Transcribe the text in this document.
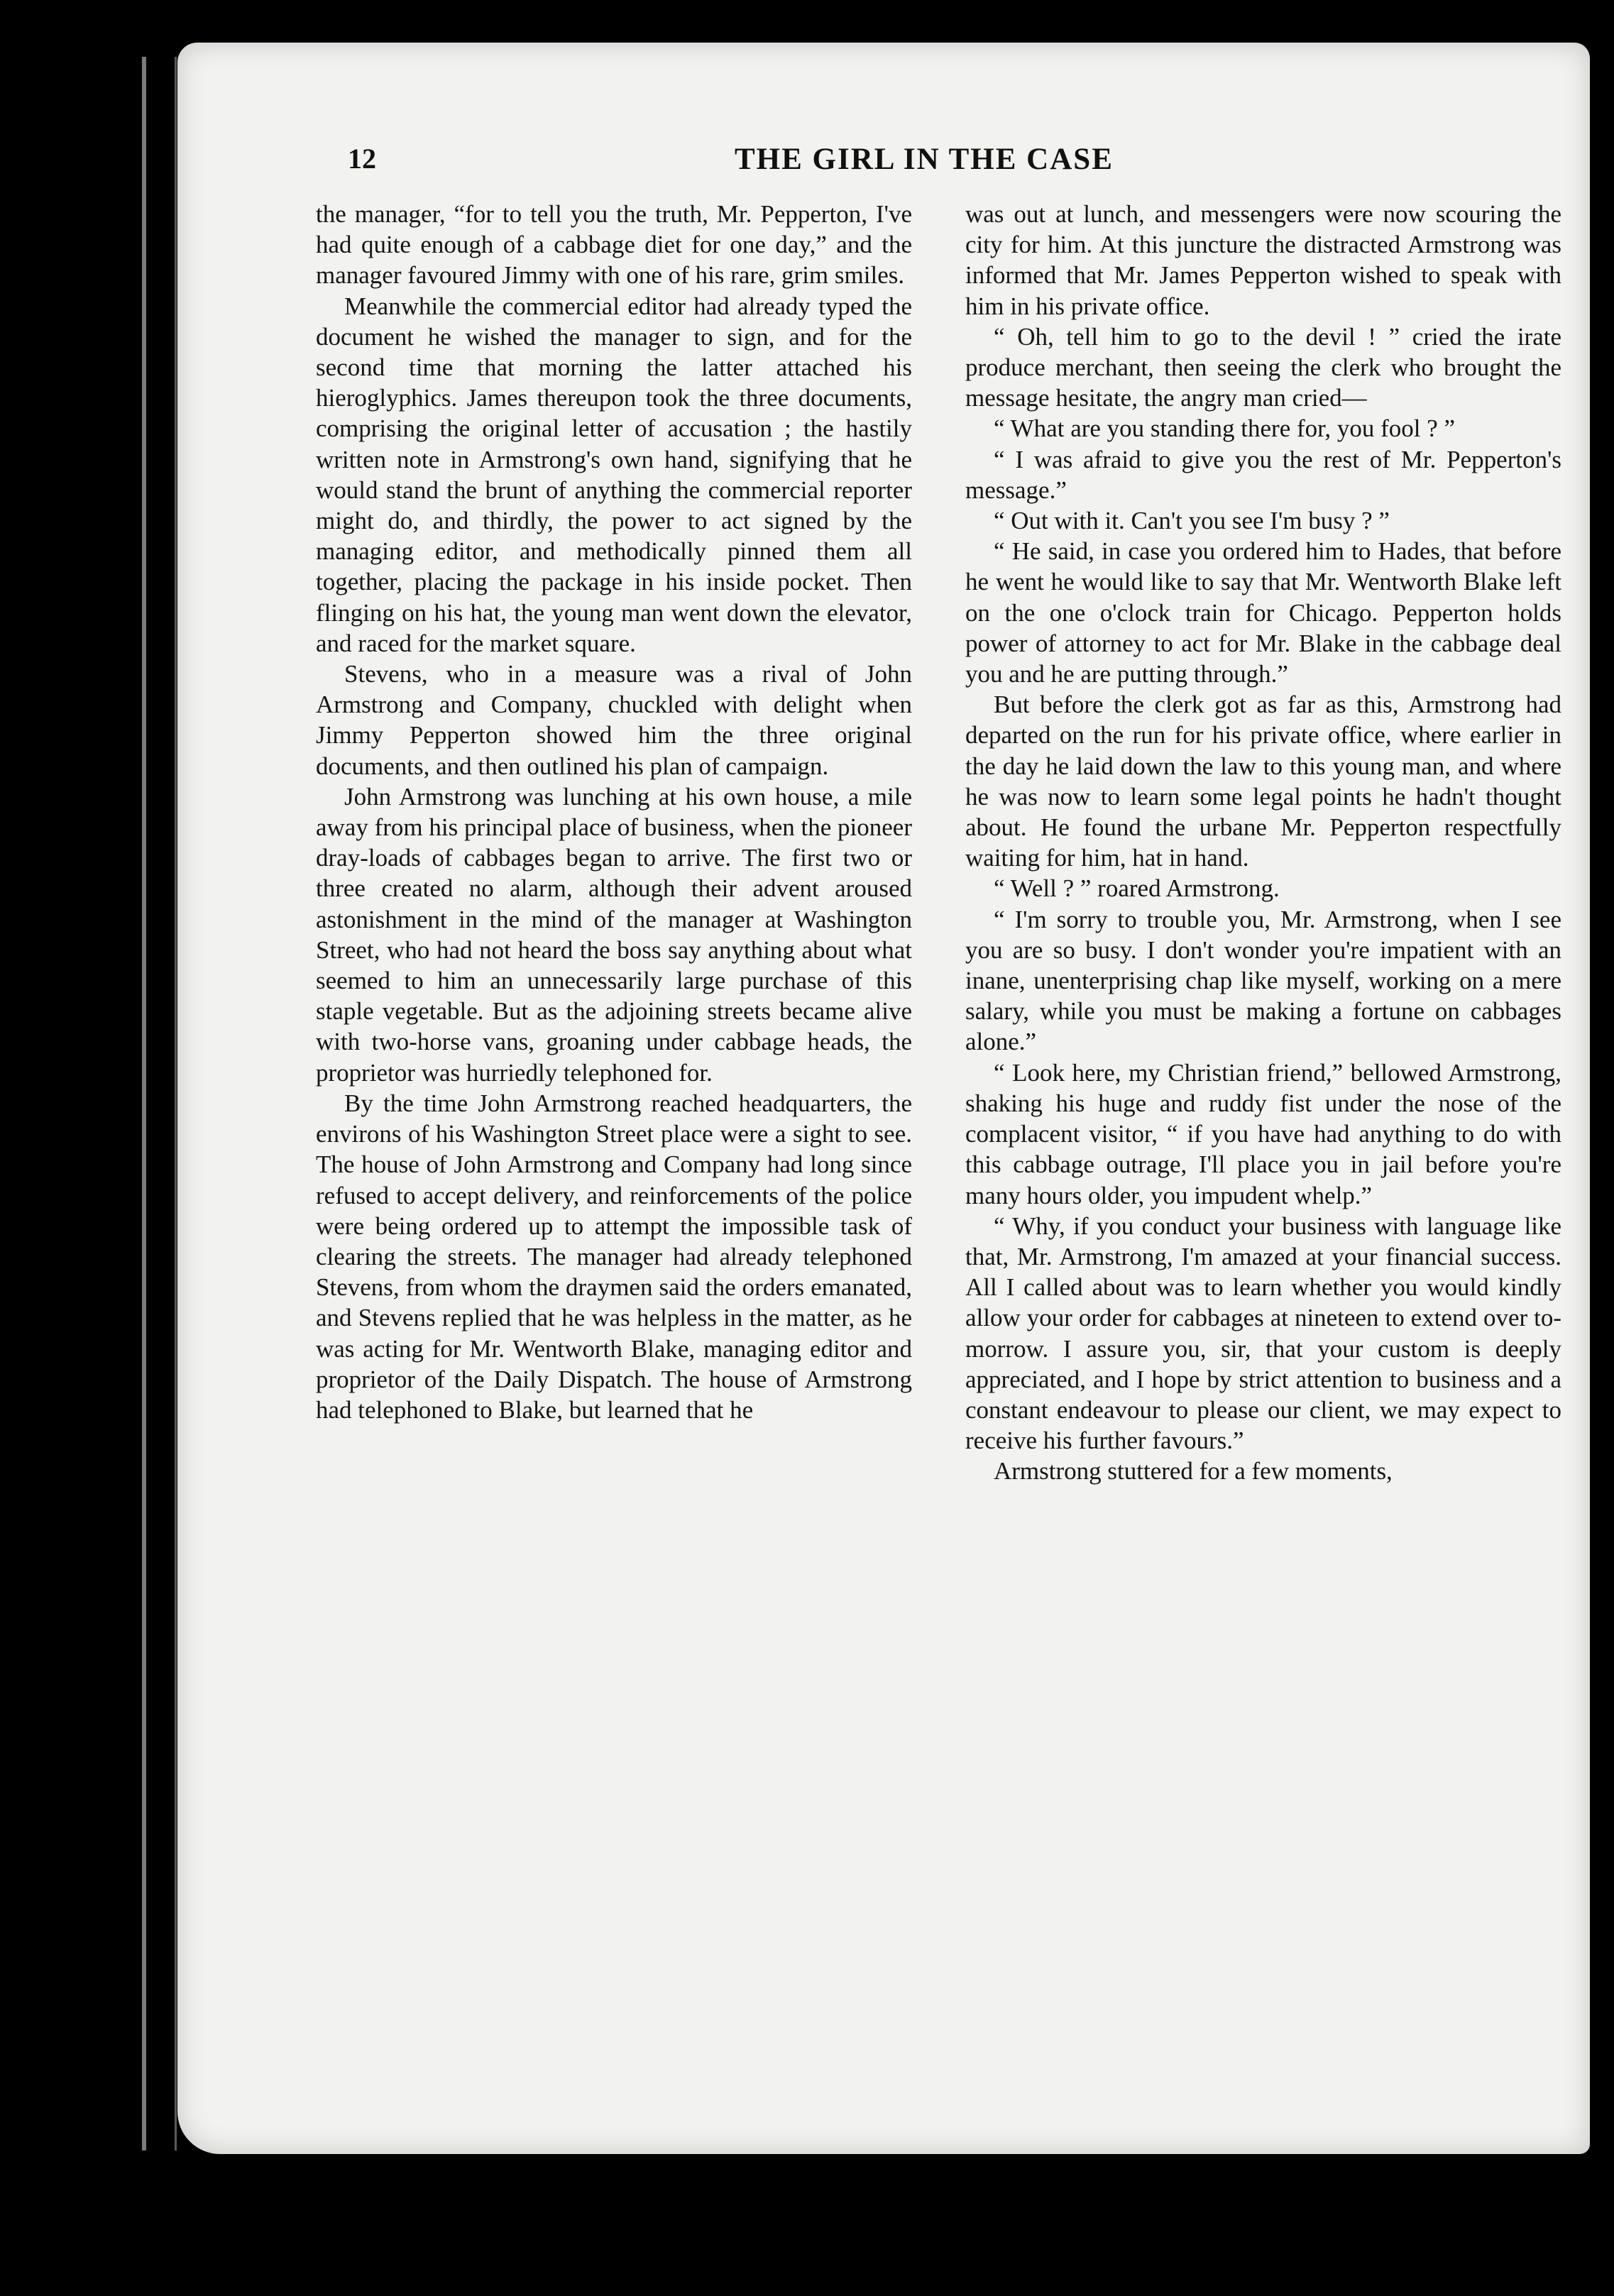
12	THE GIRL IN THE CASE

the manager, “for to tell you the truth, Mr. Pepperton, I've had quite enough of a cabbage diet for one day,” and the manager favoured Jimmy with one of his rare, grim smiles.

Meanwhile the commercial editor had already typed the document he wished the manager to sign, and for the second time that morning the latter attached his hieroglyphics. James thereupon took the three documents, comprising the original letter of accusation ; the hastily written note in Armstrong's own hand, signifying that he would stand the brunt of anything the commercial reporter might do, and thirdly, the power to act signed by the managing editor, and methodically pinned them all together, placing the package in his inside pocket. Then flinging on his hat, the young man went down the elevator, and raced for the market square.

Stevens, who in a measure was a rival of John Armstrong and Company, chuckled with delight when Jimmy Pepperton showed him the three original documents, and then outlined his plan of campaign.

John Armstrong was lunching at his own house, a mile away from his principal place of business, when the pioneer dray-loads of cabbages began to arrive. The first two or three created no alarm, although their advent aroused astonishment in the mind of the manager at Washington Street, who had not heard the boss say anything about what seemed to him an unnecessarily large purchase of this staple vegetable. But as the adjoining streets became alive with two-horse vans, groaning under cabbage heads, the proprietor was hurriedly telephoned for.

By the time John Armstrong reached headquarters, the environs of his Washington Street place were a sight to see. The house of John Armstrong and Company had long since refused to accept delivery, and reinforcements of the police were being ordered up to attempt the impossible task of clearing the streets. The manager had already telephoned Stevens, from whom the draymen said the orders emanated, and Stevens replied that he was helpless in the matter, as he was acting for Mr. Wentworth Blake, managing editor and proprietor of the Daily Dispatch. The house of Armstrong had telephoned to Blake, but learned that he

was out at lunch, and messengers were now scouring the city for him. At this juncture the distracted Armstrong was informed that Mr. James Pepperton wished to speak with him in his private office.

“ Oh, tell him to go to the devil ! ” cried the irate produce merchant, then seeing the clerk who brought the message hesitate, the angry man cried—

“ What are you standing there for, you fool ? ”

“ I was afraid to give you the rest of Mr. Pepperton's message.”

“ Out with it. Can't you see I'm busy ? ”

“ He said, in case you ordered him to Hades, that before he went he would like to say that Mr. Wentworth Blake left on the one o'clock train for Chicago. Pepperton holds power of attorney to act for Mr. Blake in the cabbage deal you and he are putting through.”

But before the clerk got as far as this, Armstrong had departed on the run for his private office, where earlier in the day he laid down the law to this young man, and where he was now to learn some legal points he hadn't thought about. He found the urbane Mr. Pepperton respectfully waiting for him, hat in hand.

“ Well ? ” roared Armstrong.

“ I'm sorry to trouble you, Mr. Armstrong, when I see you are so busy. I don't wonder you're impatient with an inane, unenterprising chap like myself, working on a mere salary, while you must be making a fortune on cabbages alone.”

“ Look here, my Christian friend,” bellowed Armstrong, shaking his huge and ruddy fist under the nose of the complacent visitor, “ if you have had anything to do with this cabbage outrage, I'll place you in jail before you're many hours older, you impudent whelp.”

“ Why, if you conduct your business with language like that, Mr. Armstrong, I'm amazed at your financial success. All I called about was to learn whether you would kindly allow your order for cabbages at nineteen to extend over to-morrow. I assure you, sir, that your custom is deeply appreciated, and I hope by strict attention to business and a constant endeavour to please our client, we may expect to receive his further favours.”

Armstrong stuttered for a few moments,
